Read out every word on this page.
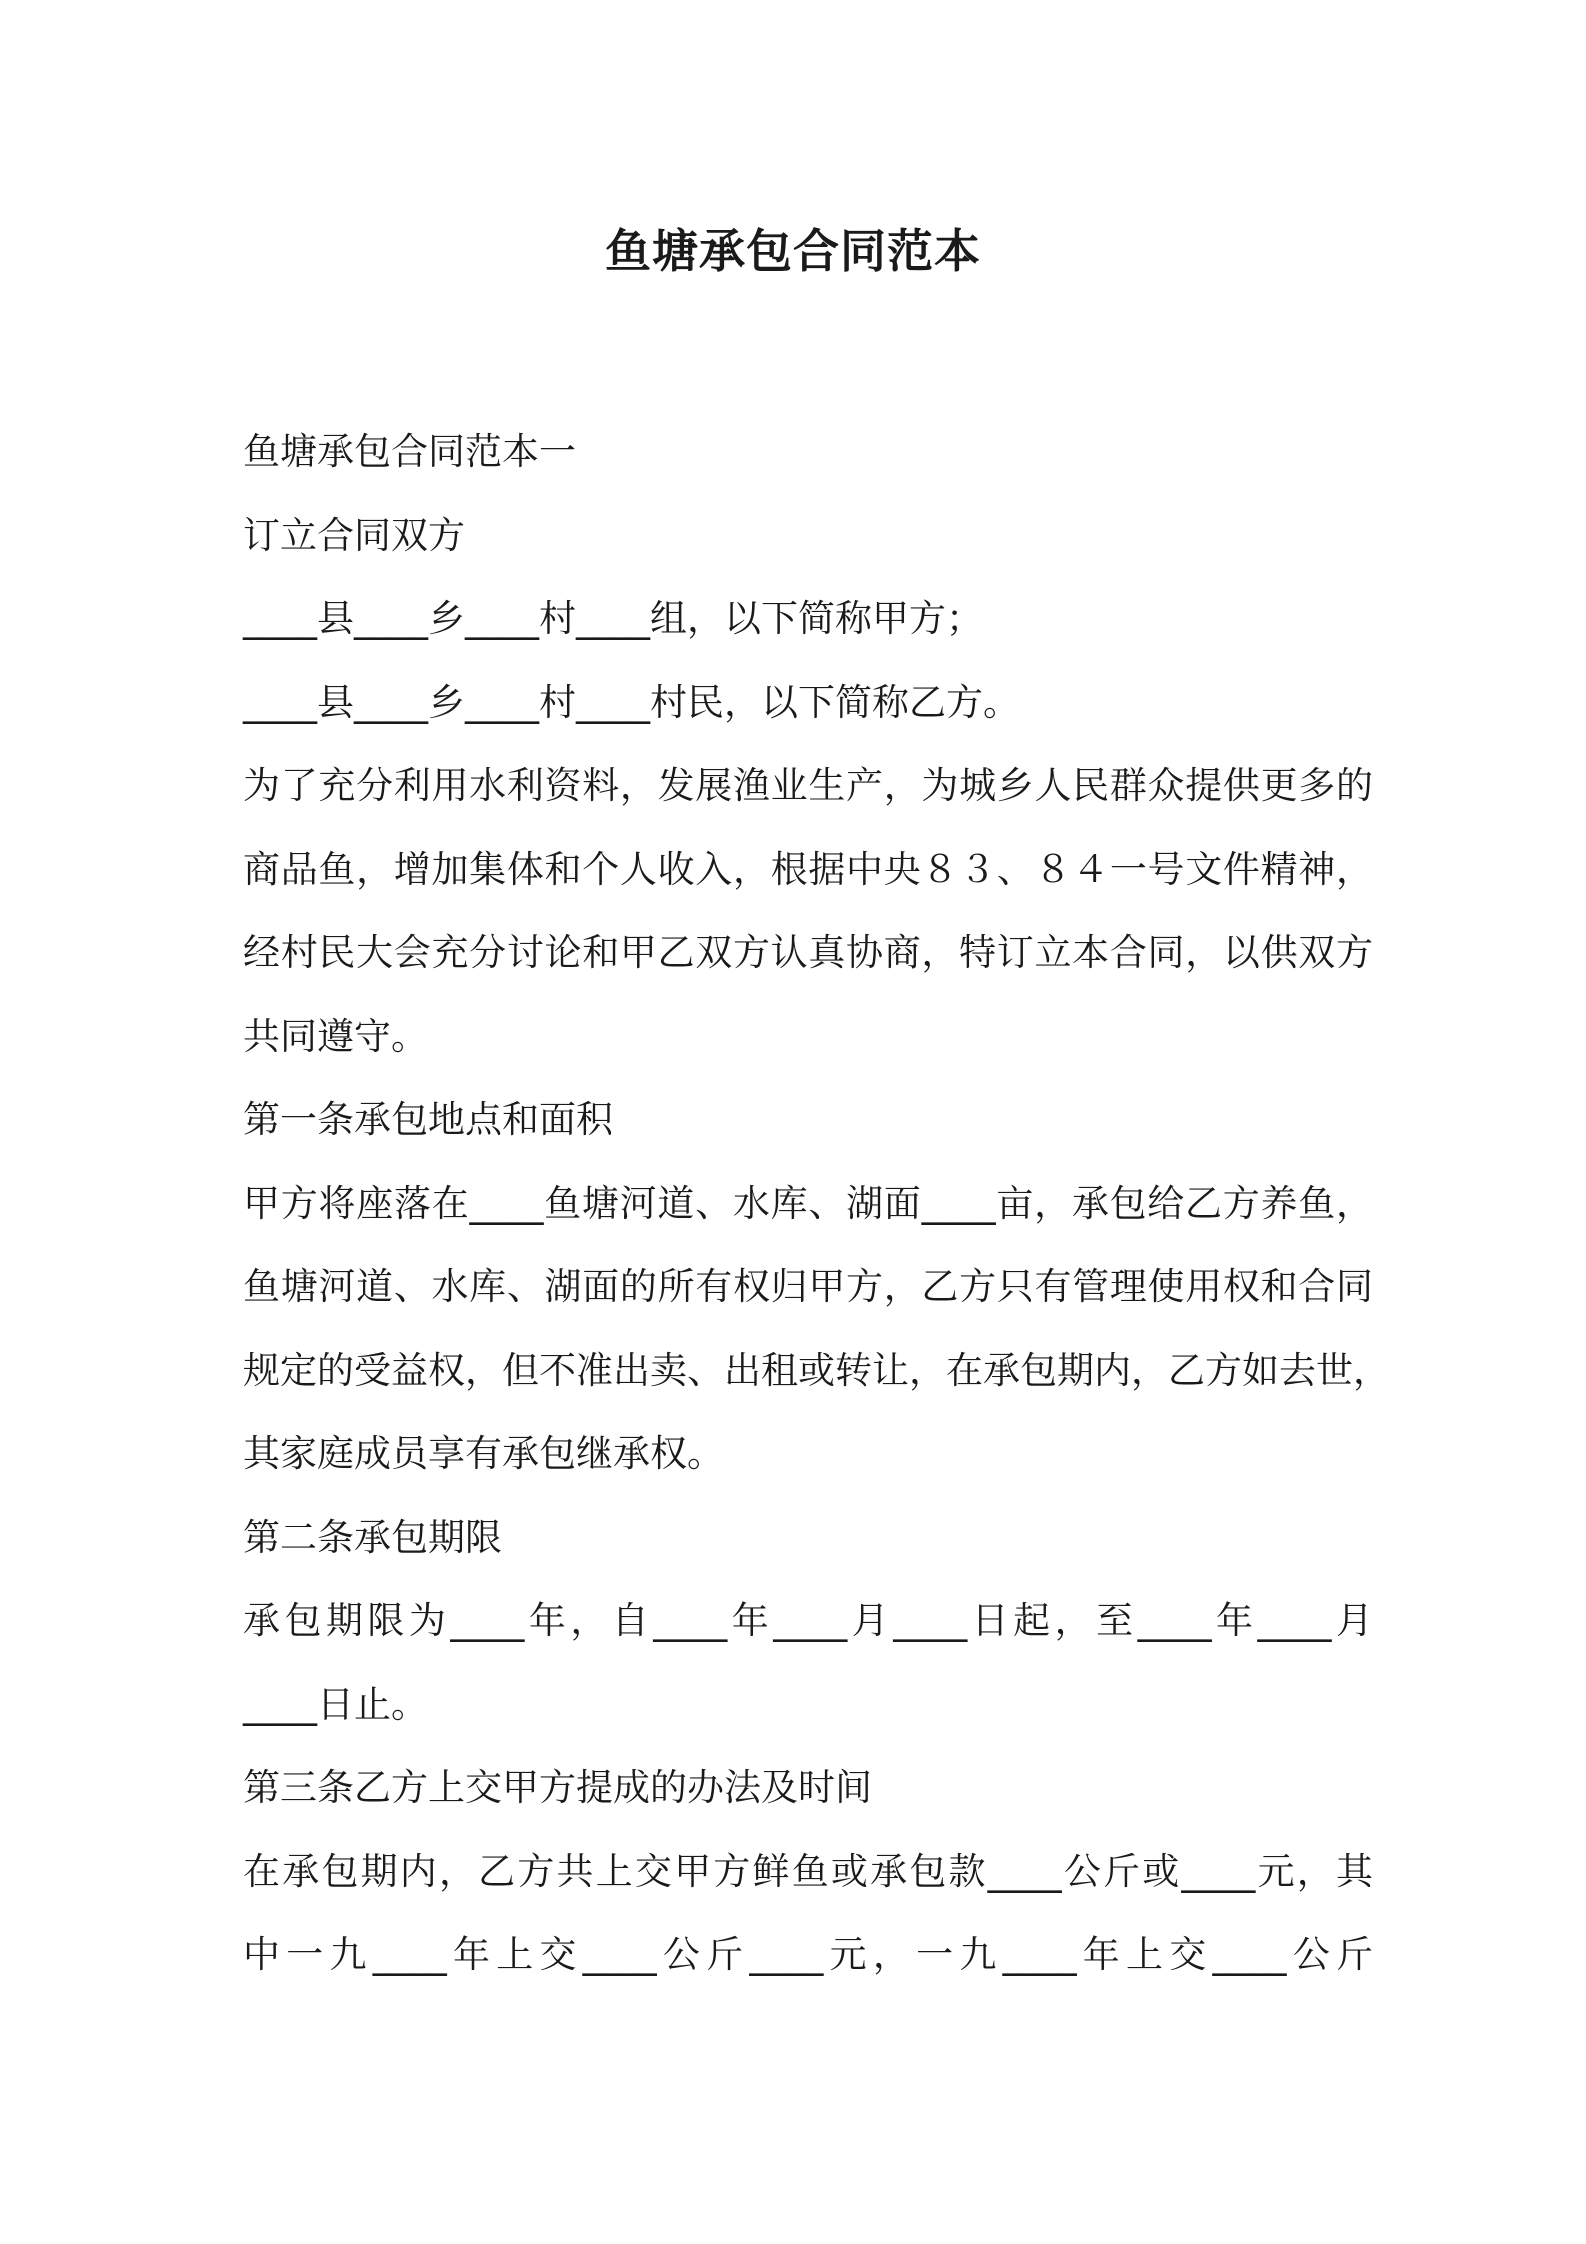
鱼塘承包合同范本
鱼塘承包合同范本一
订立合同双方
____县____乡____村____组，以下简称甲方；
____县____乡____村____村民，以下简称乙方。
为了充分利用水利资料，发展渔业生产，为城乡人民群众提供更多的
商品鱼，增加集体和个人收入，根据中央８３、８４一号文件精神，
经村民大会充分讨论和甲乙双方认真协商，特订立本合同，以供双方
共同遵守。
第一条承包地点和面积
甲方将座落在____鱼塘河道、水库、湖面____亩，承包给乙方养鱼，
鱼塘河道、水库、湖面的所有权归甲方，乙方只有管理使用权和合同
规定的受益权，但不准出卖、出租或转让，在承包期内，乙方如去世，
其家庭成员享有承包继承权。
第二条承包期限
承包期限为____年，自____年____月____日起，至____年____月
____日止。
第三条乙方上交甲方提成的办法及时间
在承包期内，乙方共上交甲方鲜鱼或承包款____公斤或____元，其
中一九____年上交____公斤____元，一九____年上交____公斤
